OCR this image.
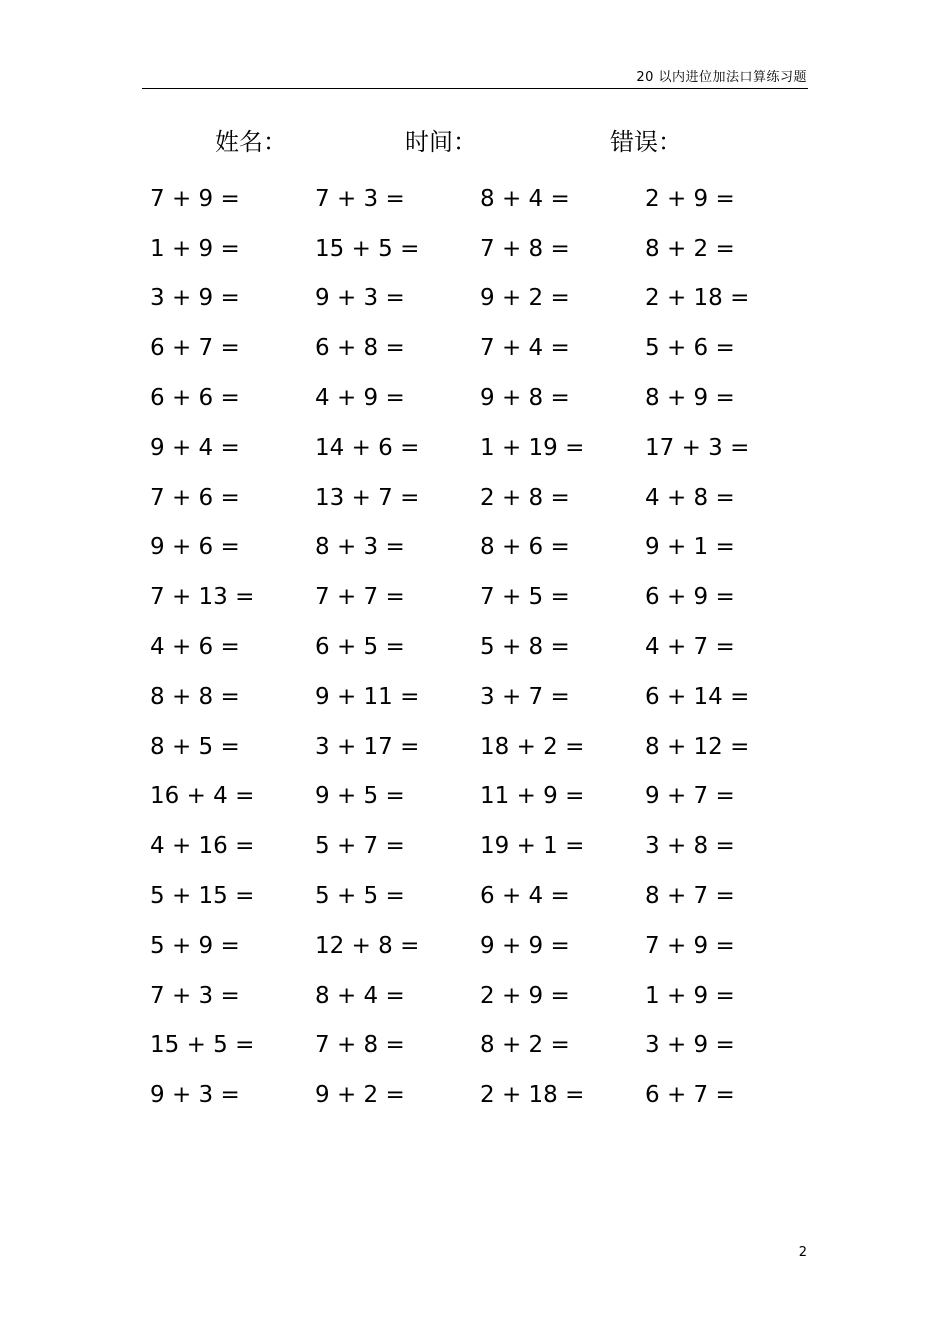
20 以内进位加法口算练习题
姓名：	时间：	错误：
7 + 9 =	7 + 3 =	8 + 4 =	2 + 9 =
1 + 9 =	15 + 5 =	7 + 8 =	8 + 2 =
3 + 9 =	9 + 3 =	9 + 2 =	2 + 18 =
6 + 7 =	6 + 8 =	7 + 4 =	5 + 6 =
6 + 6 =	4 + 9 =	9 + 8 =	8 + 9 =
9 + 4 =	14 + 6 =	1 + 19 =	17 + 3 =
7 + 6 =	13 + 7 =	2 + 8 =	4 + 8 =
9 + 6 =	8 + 3 =	8 + 6 =	9 + 1 =
7 + 13 =	7 + 7 =	7 + 5 =	6 + 9 =
4 + 6 =	6 + 5 =	5 + 8 =	4 + 7 =
8 + 8 =	9 + 11 =	3 + 7 =	6 + 14 =
8 + 5 =	3 + 17 =	18 + 2 =	8 + 12 =
16 + 4 =	9 + 5 =	11 + 9 =	9 + 7 =
4 + 16 =	5 + 7 =	19 + 1 =	3 + 8 =
5 + 15 =	5 + 5 =	6 + 4 =	8 + 7 =
5 + 9 =	12 + 8 =	9 + 9 =	7 + 9 =
7 + 3 =	8 + 4 =	2 + 9 =	1 + 9 =
15 + 5 =	7 + 8 =	8 + 2 =	3 + 9 =
9 + 3 =	9 + 2 =	2 + 18 =	6 + 7 =
2
